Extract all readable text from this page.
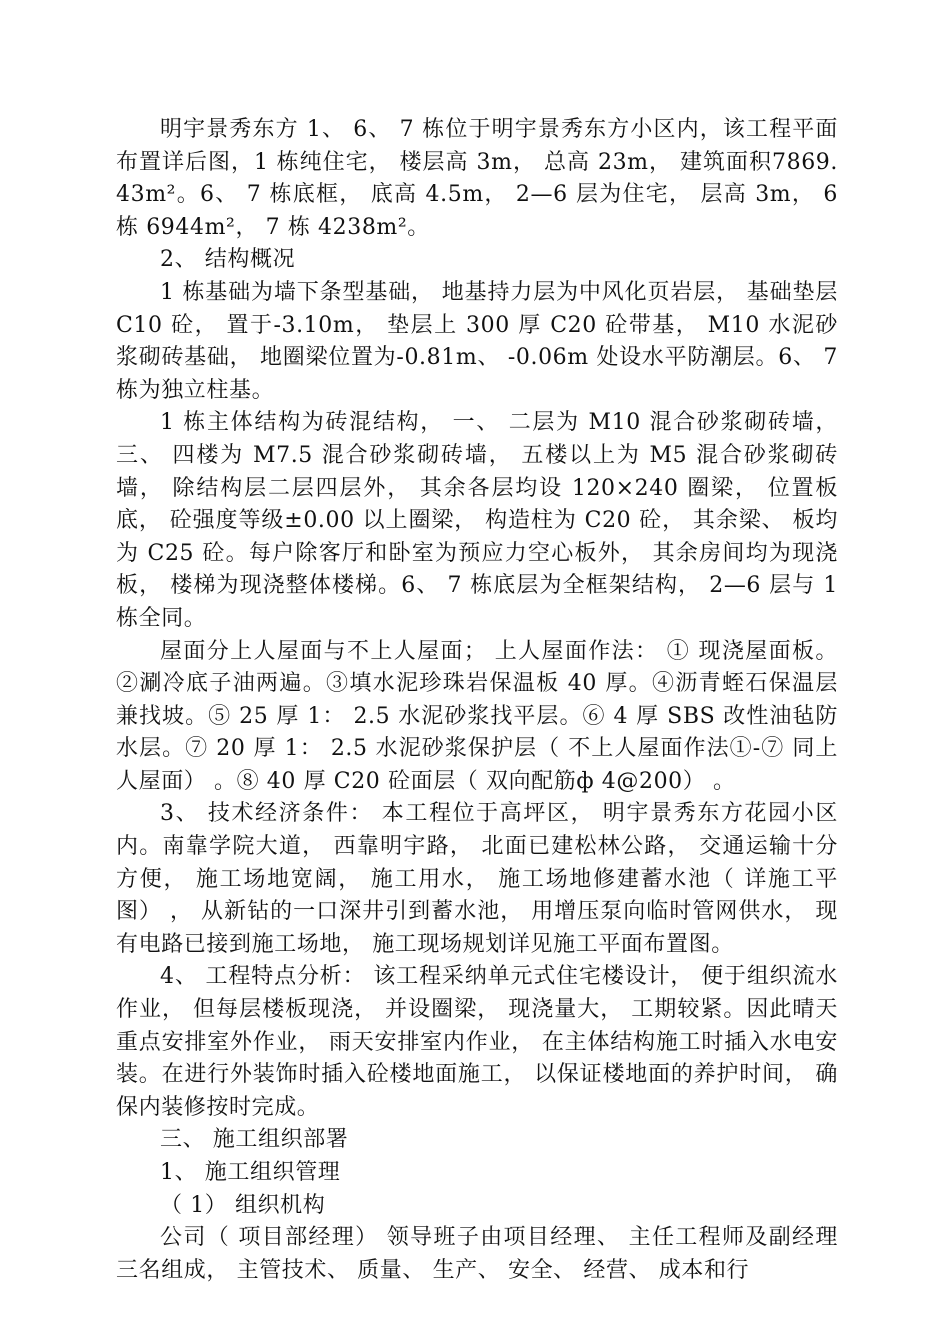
明宇景秀东方 1、 6、 7 栋位于明宇景秀东方小区内，该工程平面布置详后图，1 栋纯住宅， 楼层高 3m， 总高 23m， 建筑面积7869.43m²。6、 7 栋底框， 底高 4.5m， 2—6 层为住宅， 层高 3m， 6 栋 6944m²， 7 栋 4238m²。

2、 结构概况

1 栋基础为墙下条型基础， 地基持力层为中风化页岩层， 基础垫层 C10 砼， 置于-3.10m， 垫层上 300 厚 C20 砼带基， M10 水泥砂浆砌砖基础， 地圈梁位置为-0.81m、 -0.06m 处设水平防潮层。6、 7 栋为独立柱基。

1 栋主体结构为砖混结构， 一、 二层为 M10 混合砂浆砌砖墙， 三、 四楼为 M7.5 混合砂浆砌砖墙， 五楼以上为 M5 混合砂浆砌砖墙， 除结构层二层四层外， 其余各层均设 120×240 圈梁， 位置板底， 砼强度等级±0.00 以上圈梁， 构造柱为 C20 砼， 其余梁、 板均为 C25 砼。每户除客厅和卧室为预应力空心板外， 其余房间均为现浇板， 楼梯为现浇整体楼梯。6、 7 栋底层为全框架结构， 2—6 层与 1 栋全同。

屋面分上人屋面与不上人屋面； 上人屋面作法： ① 现浇屋面板。②涮冷底子油两遍。③填水泥珍珠岩保温板 40 厚。④沥青蛭石保温层兼找坡。⑤ 25 厚 1： 2.5 水泥砂浆找平层。⑥ 4 厚 SBS 改性油毡防水层。⑦ 20 厚 1： 2.5 水泥砂浆保护层（ 不上人屋面作法①-⑦ 同上人屋面） 。⑧ 40 厚 C20 砼面层（ 双向配筋ф 4@200） 。

3、 技术经济条件： 本工程位于高坪区， 明宇景秀东方花园小区内。南靠学院大道， 西靠明宇路， 北面已建松林公路， 交通运输十分方便， 施工场地宽阔， 施工用水， 施工场地修建蓄水池（ 详施工平图） ， 从新钻的一口深井引到蓄水池， 用增压泵向临时管网供水， 现有电路已接到施工场地， 施工现场规划详见施工平面布置图。

4、 工程特点分析： 该工程采纳单元式住宅楼设计， 便于组织流水作业， 但每层楼板现浇， 并设圈梁， 现浇量大， 工期较紧。因此晴天重点安排室外作业， 雨天安排室内作业， 在主体结构施工时插入水电安装。在进行外装饰时插入砼楼地面施工， 以保证楼地面的养护时间， 确保内装修按时完成。

三、 施工组织部署

1、 施工组织管理

（ 1） 组织机构

公司（ 项目部经理） 领导班子由项目经理、 主任工程师及副经理三名组成， 主管技术、 质量、 生产、 安全、 经营、 成本和行
